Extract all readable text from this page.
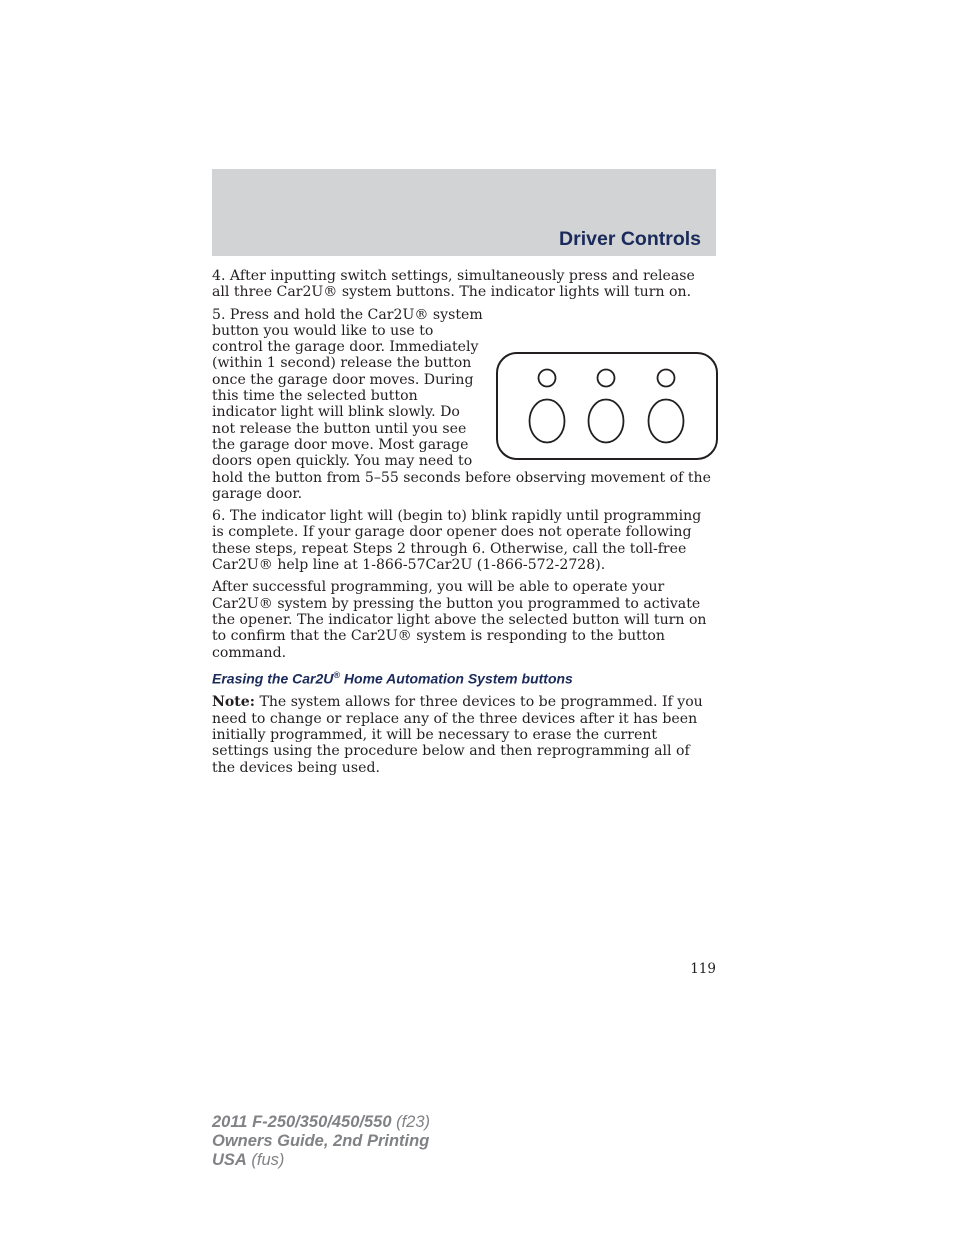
Driver Controls

4. After inputting switch settings, simultaneously press and release all three Car2U® system buttons. The indicator lights will turn on.

5. Press and hold the Car2U® system button you would like to use to control the garage door. Immediately (within 1 second) release the button once the garage door moves. During this time the selected button indicator light will blink slowly. Do not release the button until you see the garage door move. Most garage doors open quickly. You may need to hold the button from 5–55 seconds before observing movement of the garage door.

6. The indicator light will (begin to) blink rapidly until programming is complete. If your garage door opener does not operate following these steps, repeat Steps 2 through 6. Otherwise, call the toll-free Car2U® help line at 1-866-57Car2U (1-866-572-2728).

After successful programming, you will be able to operate your Car2U® system by pressing the button you programmed to activate the opener. The indicator light above the selected button will turn on to confirm that the Car2U® system is responding to the button command.

Erasing the Car2U® Home Automation System buttons

Note: The system allows for three devices to be programmed. If you need to change or replace any of the three devices after it has been initially programmed, it will be necessary to erase the current settings using the procedure below and then reprogramming all of the devices being used.

119
2011 F-250/350/450/550 (f23)
Owners Guide, 2nd Printing
USA (fus)
